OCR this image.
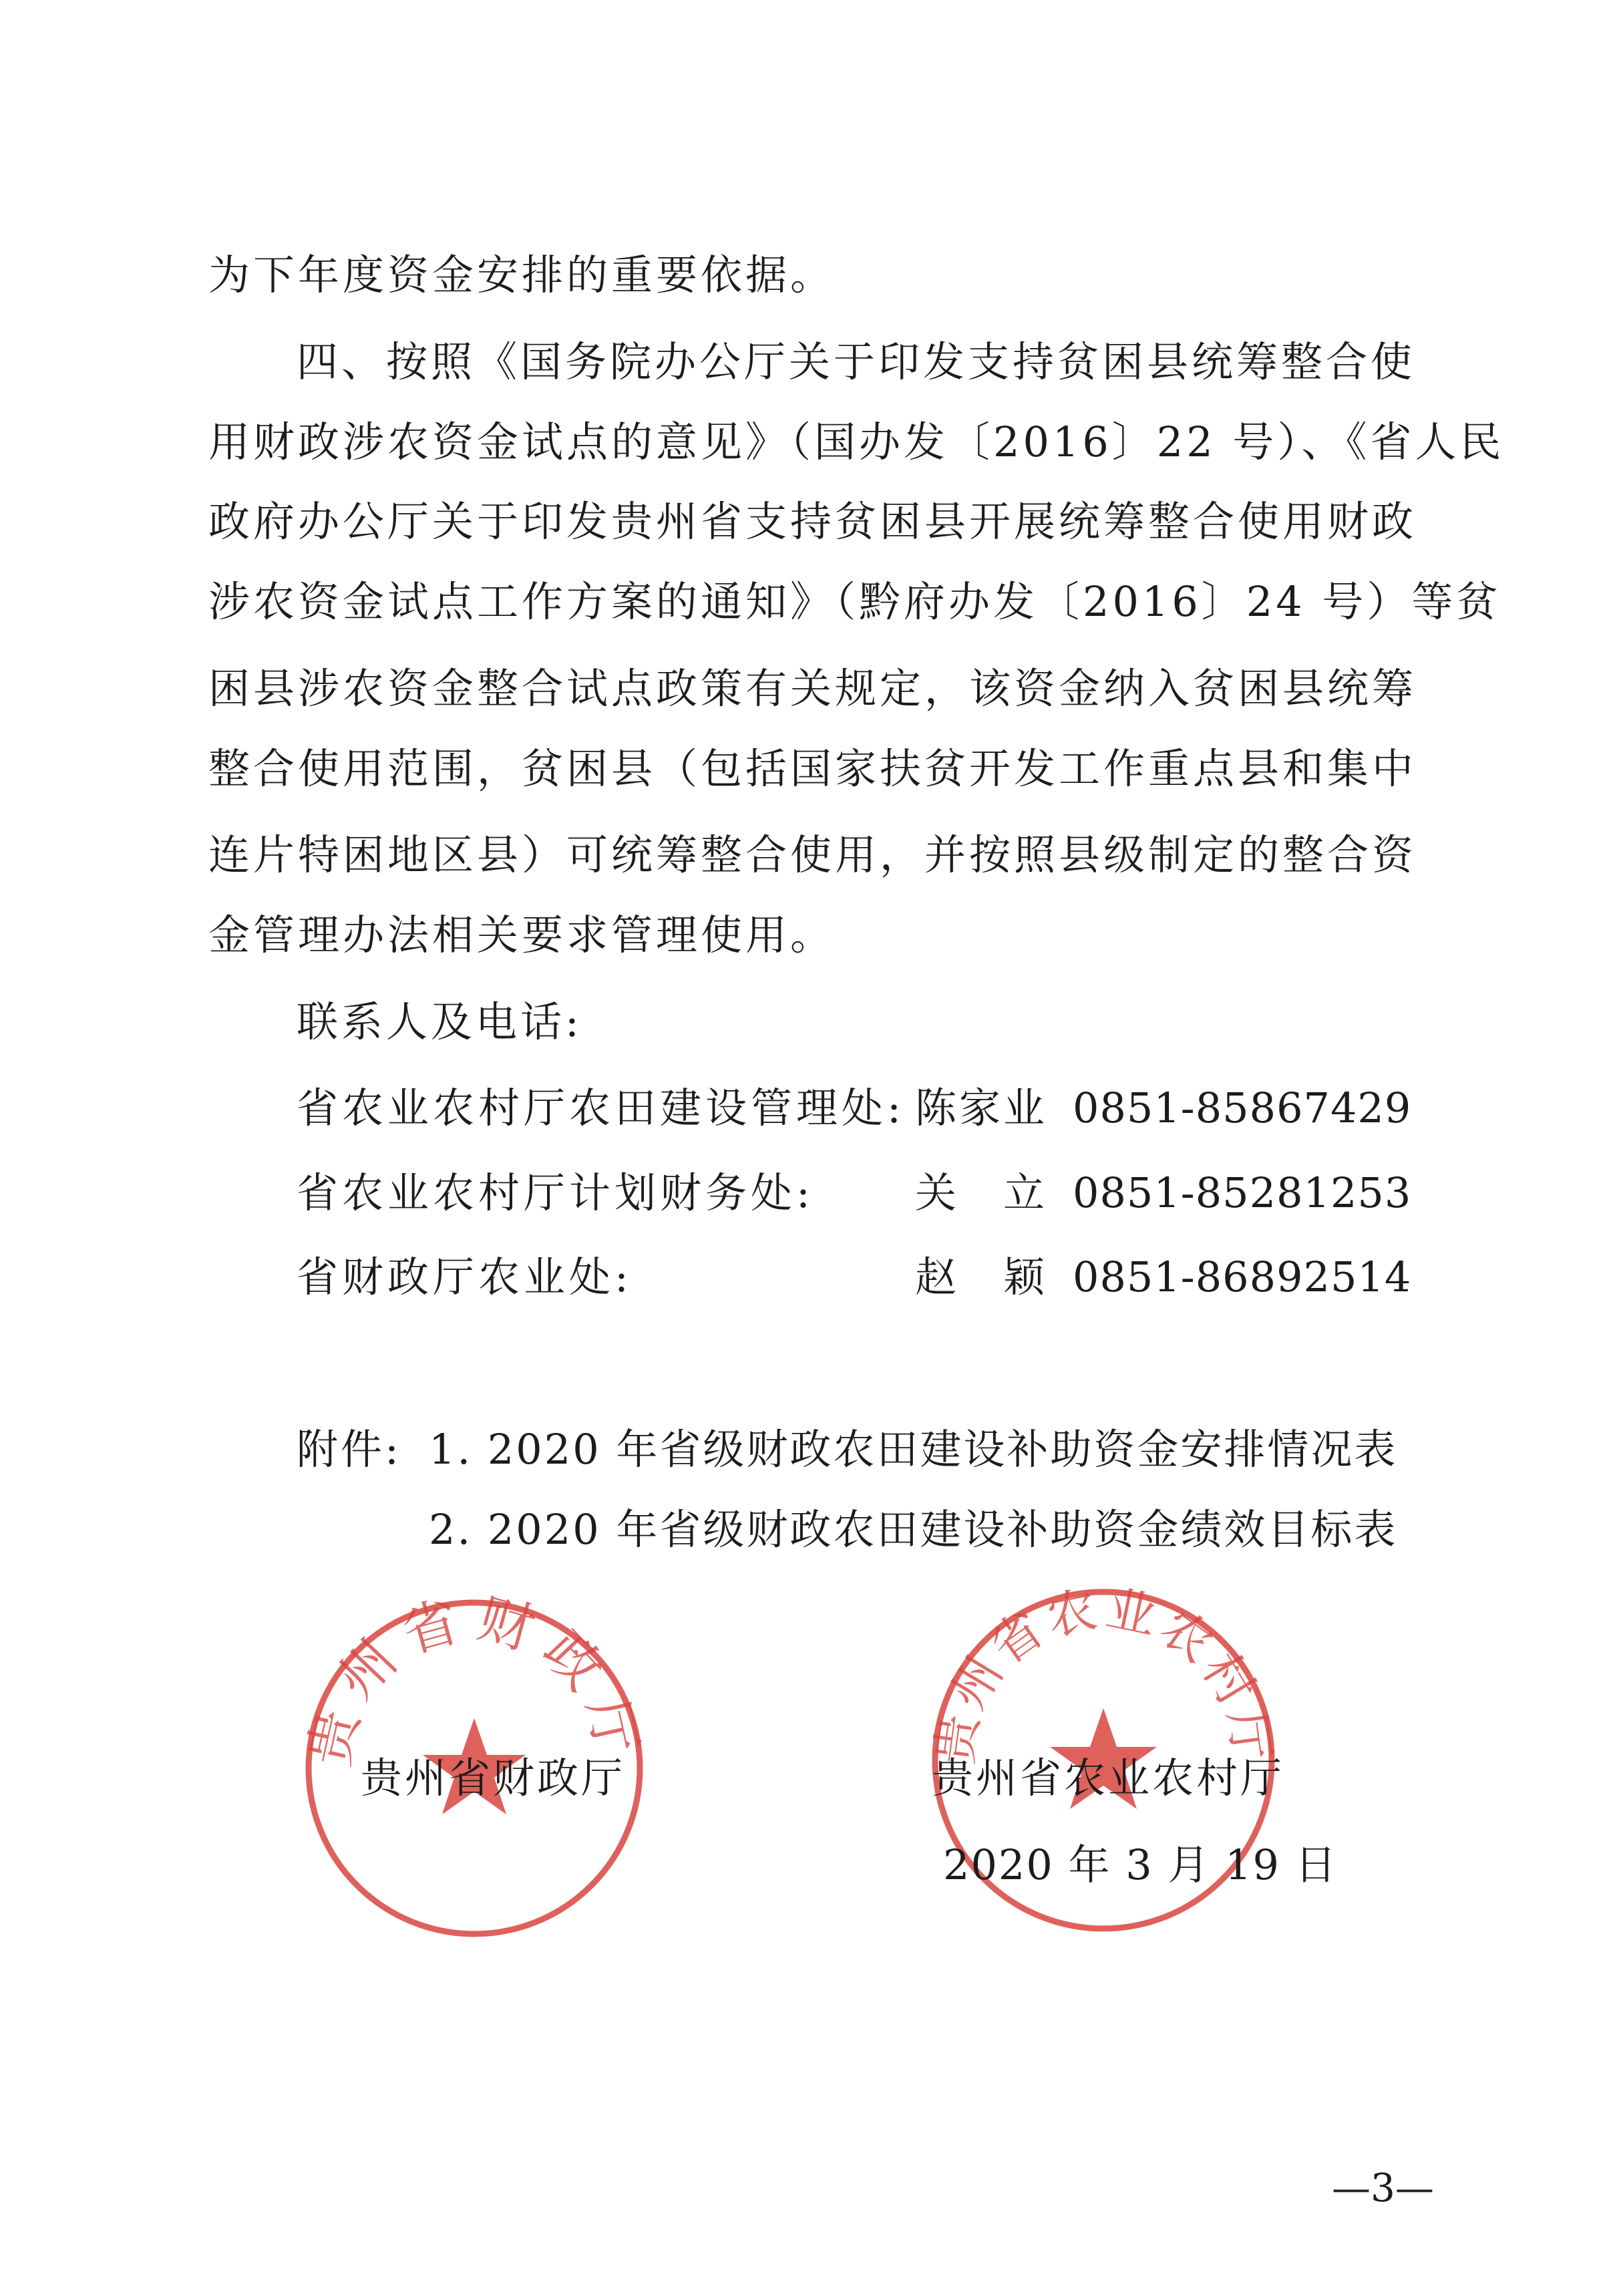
为下年度资金安排的重要依据。
四、按照《国务院办公厅关于印发支持贫困县统筹整合使
用财政涉农资金试点的意见》（国办发〔2016〕22 号）、《省人民
政府办公厅关于印发贵州省支持贫困县开展统筹整合使用财政
涉农资金试点工作方案的通知》（黔府办发〔2016〕24 号）等贫
困县涉农资金整合试点政策有关规定，该资金纳入贫困县统筹
整合使用范围，贫困县（包括国家扶贫开发工作重点县和集中
连片特困地区县）可统筹整合使用，并按照县级制定的整合资
金管理办法相关要求管理使用。
联系人及电话:
省农业农村厅农田建设管理处: 陈家业 0851-85867429
省农业农村厅计划财务处: 关　立 0851-85281253
省财政厅农业处:	赵　颖 0851-86892514
附件: 1. 2020 年省级财政农田建设补助资金安排情况表
2. 2020 年省级财政农田建设补助资金绩效目标表
贵州省财政厅	贵州省农业农村厅
贵州省财政厅	贵州省农业农村厅
2020 年 3 月 19 日
—3—
